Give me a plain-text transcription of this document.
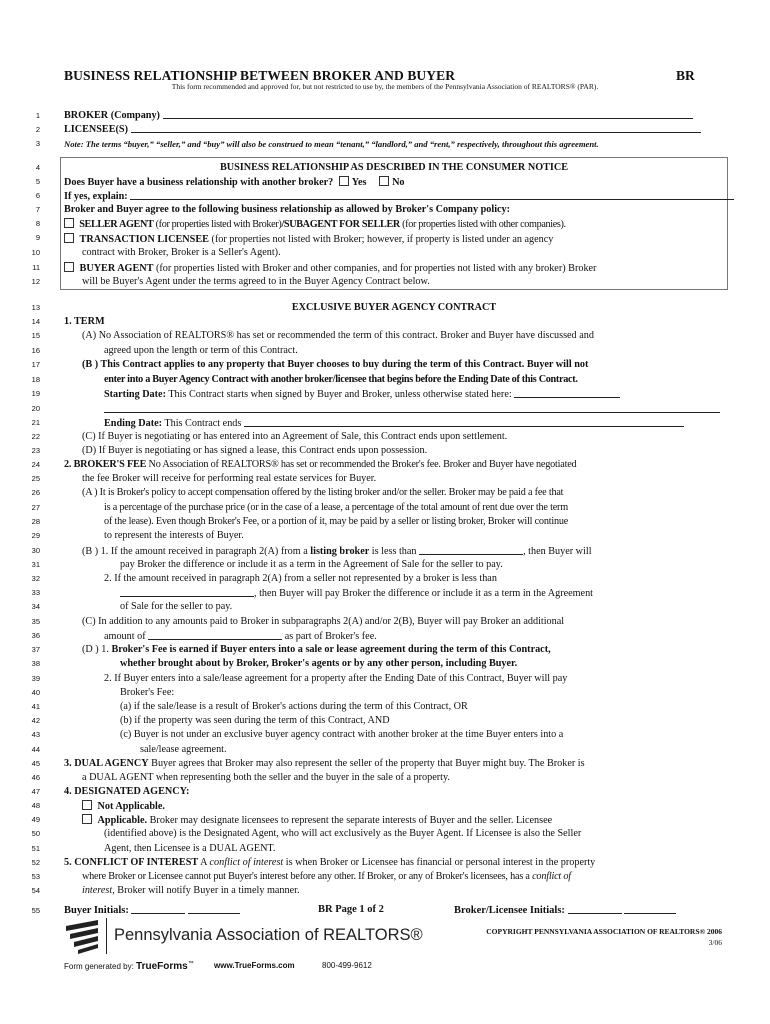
BUSINESS RELATIONSHIP BETWEEN BROKER AND BUYER	BR
This form recommended and approved for, but not restricted to use by, the members of the Pennsylvania Association of REALTORS® (PAR).
1
2
3
4
5
6
7
8
9
10
11
12
13
14
15
16
17
18
19
20
21
22
23
24
25
26
27
28
29
30
31
32
33
34
35
36
37
38
39
40
41
42
43
44
45
46
47
48
49
50
51
52
53
54
55
BROKER (Company)
LICENSEE(S)
Note: The terms “buyer,” “seller,” and “buy” will also be construed to mean “tenant,” “landlord,” and “rent,” respectively, throughout this agreement.
BUSINESS RELATIONSHIP AS DESCRIBED IN THE CONSUMER NOTICE
Does Buyer have a business relationship with another broker? Yes	No
If yes, explain:
Broker and Buyer agree to the following business relationship as allowed by Broker's Company policy:
SELLER AGENT (for properties listed with Broker)/SUBAGENT FOR SELLER (for properties listed with other companies).
TRANSACTION LICENSEE (for properties not listed with Broker; however, if property is listed under an agency
contract with Broker, Broker is a Seller's Agent).
BUYER AGENT (for properties listed with Broker and other companies, and for properties not listed with any broker) Broker
will be Buyer's Agent under the terms agreed to in the Buyer Agency Contract below.
EXCLUSIVE BUYER AGENCY CONTRACT
1. TERM
(A) No Association of REALTORS® has set or recommended the term of this contract. Broker and Buyer have discussed and
agreed upon the length or term of this Contract.
(B ) This Contract applies to any property that Buyer chooses to buy during the term of this Contract. Buyer will not
enter into a Buyer Agency Contract with another broker/licensee that begins before the Ending Date of this Contract.
Starting Date: This Contract starts when signed by Buyer and Broker, unless otherwise stated here:
Ending Date: This Contract ends
(C) If Buyer is negotiating or has entered into an Agreement of Sale, this Contract ends upon settlement.
(D) If Buyer is negotiating or has signed a lease, this Contract ends upon possession.
2. BROKER'S FEE No Association of REALTORS® has set or recommended the Broker's fee. Broker and Buyer have negotiated
the fee Broker will receive for performing real estate services for Buyer.
(A ) It is Broker's policy to accept compensation offered by the listing broker and/or the seller. Broker may be paid a fee that
is a percentage of the purchase price (or in the case of a lease, a percentage of the total amount of rent due over the term
of the lease). Even though Broker's Fee, or a portion of it, may be paid by a seller or listing broker, Broker will continue
to represent the interests of Buyer.
(B ) 1. If the amount received in paragraph 2(A) from a listing broker is less than	, then Buyer will
pay Broker the difference or include it as a term in the Agreement of Sale for the seller to pay.
2. If the amount received in paragraph 2(A) from a seller not represented by a broker is less than
, then Buyer will pay Broker the difference or include it as a term in the Agreement
of Sale for the seller to pay.
(C) In addition to any amounts paid to Broker in subparagraphs 2(A) and/or 2(B), Buyer will pay Broker an additional
amount of	as part of Broker's fee.
(D ) 1. Broker's Fee is earned if Buyer enters into a sale or lease agreement during the term of this Contract,
whether brought about by Broker, Broker's agents or by any other person, including Buyer.
2. If Buyer enters into a sale/lease agreement for a property after the Ending Date of this Contract, Buyer will pay
Broker's Fee:
(a) if the sale/lease is a result of Broker's actions during the term of this Contract, OR
(b) if the property was seen during the term of this Contract, AND
(c) Buyer is not under an exclusive buyer agency contract with another broker at the time Buyer enters into a
sale/lease agreement.
3. DUAL AGENCY Buyer agrees that Broker may also represent the seller of the property that Buyer might buy. The Broker is
a DUAL AGENT when representing both the seller and the buyer in the sale of a property.
4. DESIGNATED AGENCY:
Not Applicable.
Applicable. Broker may designate licensees to represent the separate interests of Buyer and the seller. Licensee
(identified above) is the Designated Agent, who will act exclusively as the Buyer Agent. If Licensee is also the Seller
Agent, then Licensee is a DUAL AGENT.
5. CONFLICT OF INTEREST A conflict of interest is when Broker or Licensee has financial or personal interest in the property
where Broker or Licensee cannot put Buyer's interest before any other. If Broker, or any of Broker's licensees, has a conflict of
interest, Broker will notify Buyer in a timely manner.
Buyer Initials:	BR Page 1 of 2	Broker/Licensee Initials:
Pennsylvania Association of REALTORS®	COPYRIGHT PENNSYLVANIA ASSOCIATION OF REALTORS® 2006
3/06
Form generated by: TrueForms™	www.TrueForms.com	800-499-9612
